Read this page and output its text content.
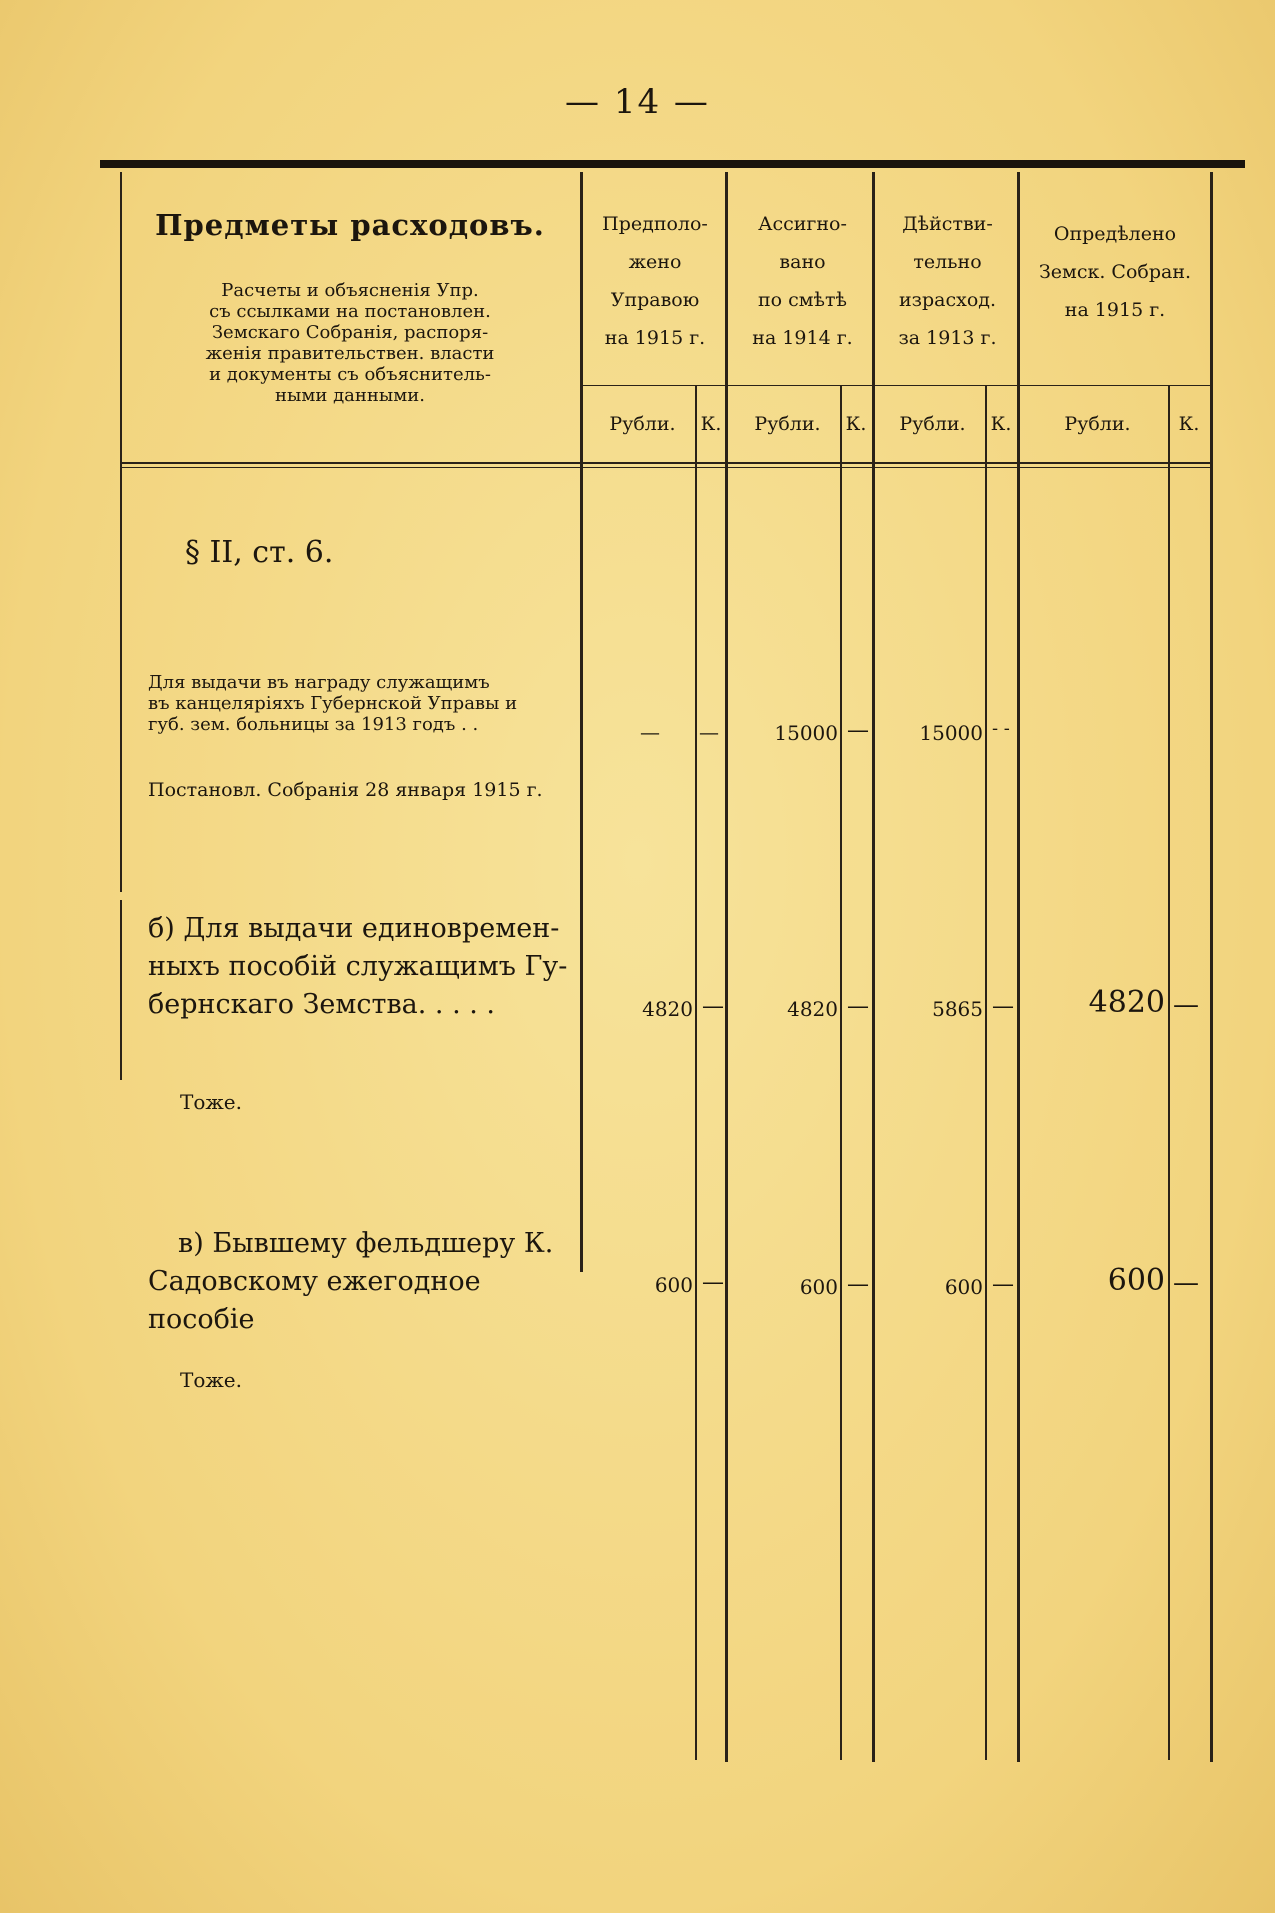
— 14 —
Предметы расходовъ.
Расчеты и объясненія Упр.
съ ссылками на постановлен.
Земскаго Собранія, распоря-
женія правительствен. власти
и документы съ объяснитель-
ными данными.
Предполо-
жено
Управою
на 1915 г.
Ассигно-
вано
по смѣтѣ
на 1914 г.
Дѣйстви-
тельно
израсход.
за 1913 г.
Опредѣлено
Земск. Собран.
на 1915 г.
Рубли.	К.	Рубли.	К.	Рубли.	К.	Рубли.	К.
§ II, ст. 6.
Для выдачи въ награду служащимъ
въ канцеляріяхъ Губернской Управы и
губ. зем. больницы за 1913 годъ . .
Постановл. Собранія 28 января 1915 г.
— —	15000 —	15000 - -
б) Для выдачи единовремен-
ныхъ пособій служащимъ Гу-
бернскаго Земства. . . . .
Тоже.
4820 —	4820 —	5865 —	4820 —
в) Бывшему фельдшеру К.
Садовскому ежегодное пособіе
Тоже.
600 —	600 —	600 —	600 —
